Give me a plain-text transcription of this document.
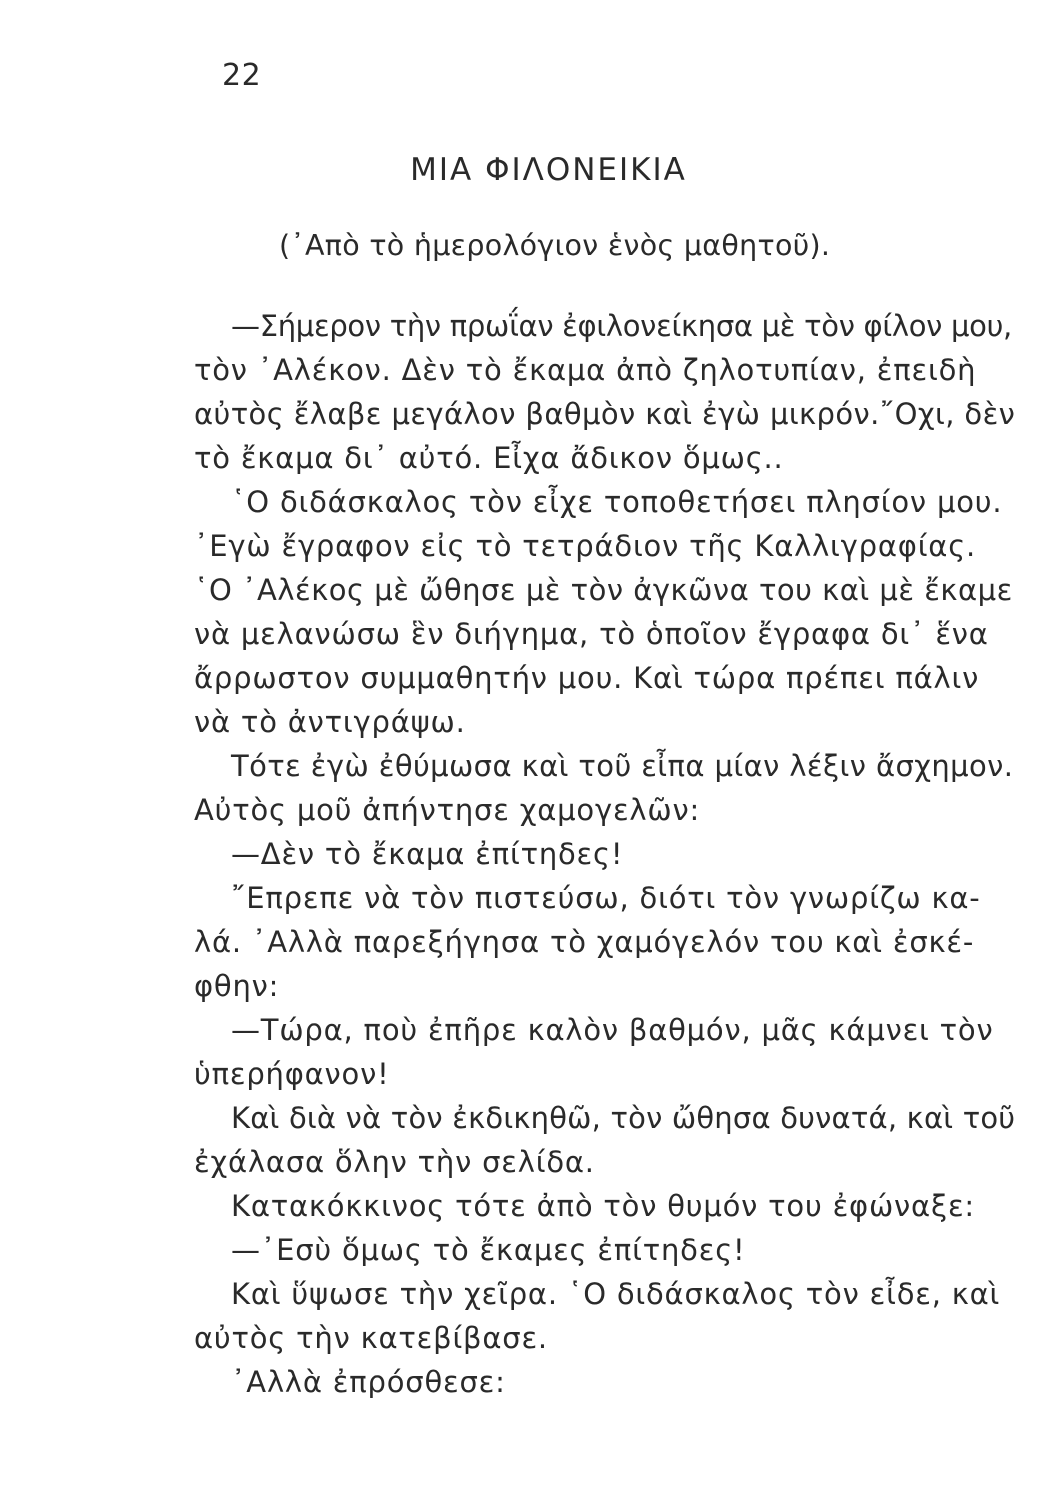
22
ΜΙΑ ΦΙΛΟΝΕΙΚΙΑ
(᾿Απὸ τὸ ἡμερολόγιον ἑνὸς μαθητοῦ).
—Σήμερον τὴν πρωΐαν ἐφιλονείκησα μὲ τὸν φίλον μου,
τὸν ᾿Αλέκον. Δὲν τὸ ἔκαμα ἀπὸ ζηλοτυπίαν, ἐπειδὴ
αὐτὸς ἔλαβε μεγάλον βαθμὸν καὶ ἐγὼ μικρόν.῎Οχι, δὲν
τὸ ἔκαμα δι᾿ αὐτό. Εἶχα ἄδικον ὅμως..
῾Ο διδάσκαλος τὸν εἶχε τοποθετήσει πλησίον μου.
᾿Εγὼ ἔγραφον εἰς τὸ τετράδιον τῆς Καλλιγραφίας.
῾Ο ᾿Αλέκος μὲ ὤθησε μὲ τὸν ἀγκῶνα του καὶ μὲ ἔκαμε
νὰ μελανώσω ἓν διήγημα, τὸ ὁποῖον ἔγραφα δι᾿ ἕνα
ἄρρωστον συμμαθητήν μου. Καὶ τώρα πρέπει πάλιν
νὰ τὸ ἀντιγράψω.
Τότε ἐγὼ ἐθύμωσα καὶ τοῦ εἶπα μίαν λέξιν ἄσχημον.
Αὐτὸς μοῦ ἀπήντησε χαμογελῶν:
—Δὲν τὸ ἔκαμα ἐπίτηδες!
῎Επρεπε νὰ τὸν πιστεύσω, διότι τὸν γνωρίζω κα-
λά. ᾿Αλλὰ παρεξήγησα τὸ χαμόγελόν του καὶ ἐσκέ-
φθην:
—Τώρα, ποὺ ἐπῆρε καλὸν βαθμόν, μᾶς κάμνει τὸν
ὑπερήφανον!
Καὶ διὰ νὰ τὸν ἐκδικηθῶ, τὸν ὤθησα δυνατά, καὶ τοῦ
ἐχάλασα ὅλην τὴν σελίδα.
Κατακόκκινος τότε ἀπὸ τὸν θυμόν του ἐφώναξε:
—᾿Εσὺ ὅμως τὸ ἔκαμες ἐπίτηδες!
Καὶ ὕψωσε τὴν χεῖρα. ῾Ο διδάσκαλος τὸν εἶδε, καὶ
αὐτὸς τὴν κατεβίβασε.
᾿Αλλὰ ἐπρόσθεσε:
